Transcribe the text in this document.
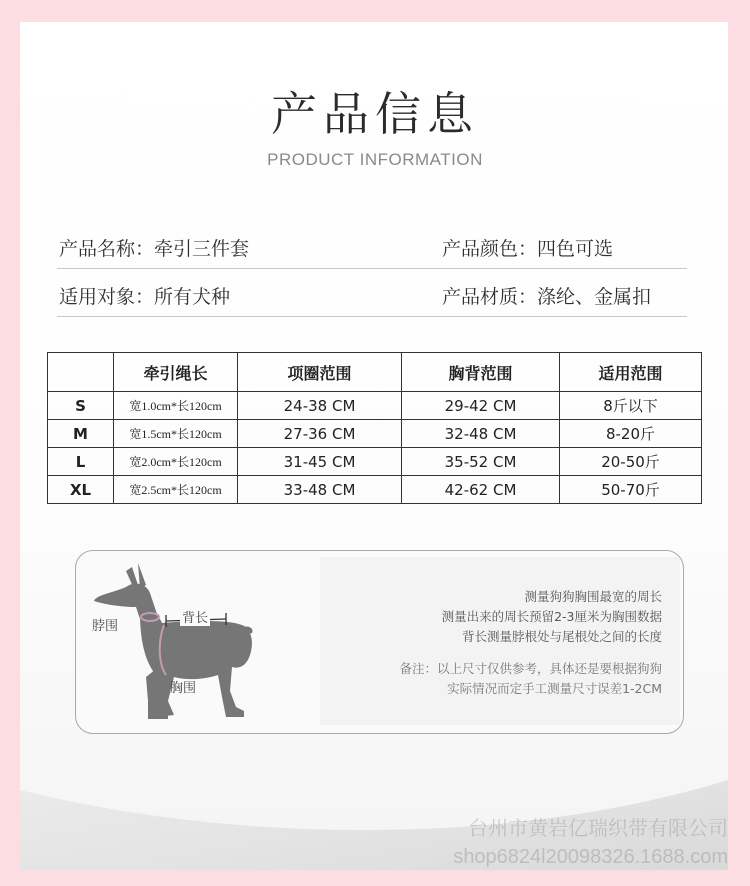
产品信息
PRODUCT INFORMATION
产品名称：牵引三件套	产品颜色：四色可选
适用对象：所有犬种	产品材质：涤纶、金属扣
	牵引绳长	项圈范围	胸背范围	适用范围
S	宽1.0cm*长120cm	24-38 CM	29-42 CM	8斤以下
M	宽1.5cm*长120cm	27-36 CM	32-48 CM	8-20斤
L	宽2.0cm*长120cm	31-45 CM	35-52 CM	20-50斤
XL	宽2.5cm*长120cm	33-48 CM	42-62 CM	50-70斤
脖围
背长
胸围
测量狗狗胸围最宽的周长
测量出来的周长预留2-3厘米为胸围数据
背长测量脖根处与尾根处之间的长度
备注：以上尺寸仅供参考，具体还是要根据狗狗
实际情况而定手工测量尺寸误差1-2CM
台州市黄岩亿瑞织带有限公司
shop6824l20098326.1688.com
